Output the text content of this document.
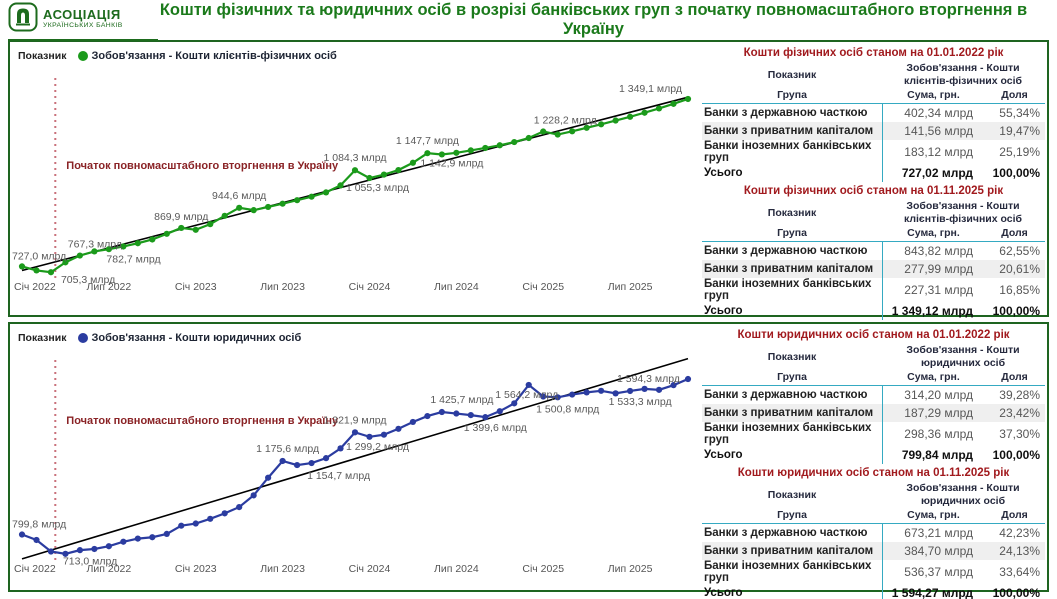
АСОЦІАЦІЯ
УКРАЇНСЬКИХ БАНКІВ
Кошти фізичних та юридичних осіб в розрізі банківських груп з початку повномасштабного вторгнення в Україну
Показник Зобов'язання - Кошти клієнтів-фізичних осіб
Початок повномасштабного вторгнення в Україну
727,0 млрд
705,3 млрд
767,3 млрд
782,7 млрд
869,9 млрд
944,6 млрд
1 084,3 млрд
1 055,3 млрд
1 147,7 млрд
1 142,9 млрд
1 228,2 млрд
1 349,1 млрд
Січ 2022	Лип 2022	Січ 2023	Лип 2023	Січ 2024	Лип 2024	Січ 2025	Лип 2025
Кошти фізичних осіб станом на 01.01.2022 рік
Показник
Зобов'язання - Кошти клієнтів-фізичних осіб
Група	Сума, грн.	Доля
Банки з державною часткою	402,34 млрд	55,34%
Банки з приватним капіталом	141,56 млрд	19,47%
Банки іноземних банківських груп	183,12 млрд	25,19%
Усього	727,02 млрд	100,00%
Кошти фізичних осіб станом на 01.11.2025 рік
Показник
Зобов'язання - Кошти клієнтів-фізичних осіб
Група	Сума, грн.	Доля
Банки з державною часткою	843,82 млрд	62,55%
Банки з приватним капіталом	277,99 млрд	20,61%
Банки іноземних банківських груп	227,31 млрд	16,85%
Усього	1 349,12 млрд	100,00%
Показник Зобов'язання - Кошти юридичних осіб
Початок повномасштабного вторгнення в Україну
799,8 млрд
713,0 млрд
1 175,6 млрд
1 154,7 млрд
1 321,9 млрд
1 299,2 млрд
1 425,7 млрд
1 399,6 млрд
1 564,2 млрд
1 500,8 млрд
1 533,3 млрд
1 594,3 млрд
Січ 2022	Лип 2022	Січ 2023	Лип 2023	Січ 2024	Лип 2024	Січ 2025	Лип 2025
Кошти юридичних осіб станом на 01.01.2022 рік
Показник
Зобов'язання - Кошти юридичних осіб
Група	Сума, грн.	Доля
Банки з державною часткою	314,20 млрд	39,28%
Банки з приватним капіталом	187,29 млрд	23,42%
Банки іноземних банківських груп	298,36 млрд	37,30%
Усього	799,84 млрд	100,00%
Кошти юридичних осіб станом на 01.11.2025 рік
Показник
Зобов'язання - Кошти юридичних осіб
Група	Сума, грн.	Доля
Банки з державною часткою	673,21 млрд	42,23%
Банки з приватним капіталом	384,70 млрд	24,13%
Банки іноземних банківських груп	536,37 млрд	33,64%
Усього	1 594,27 млрд	100,00%
